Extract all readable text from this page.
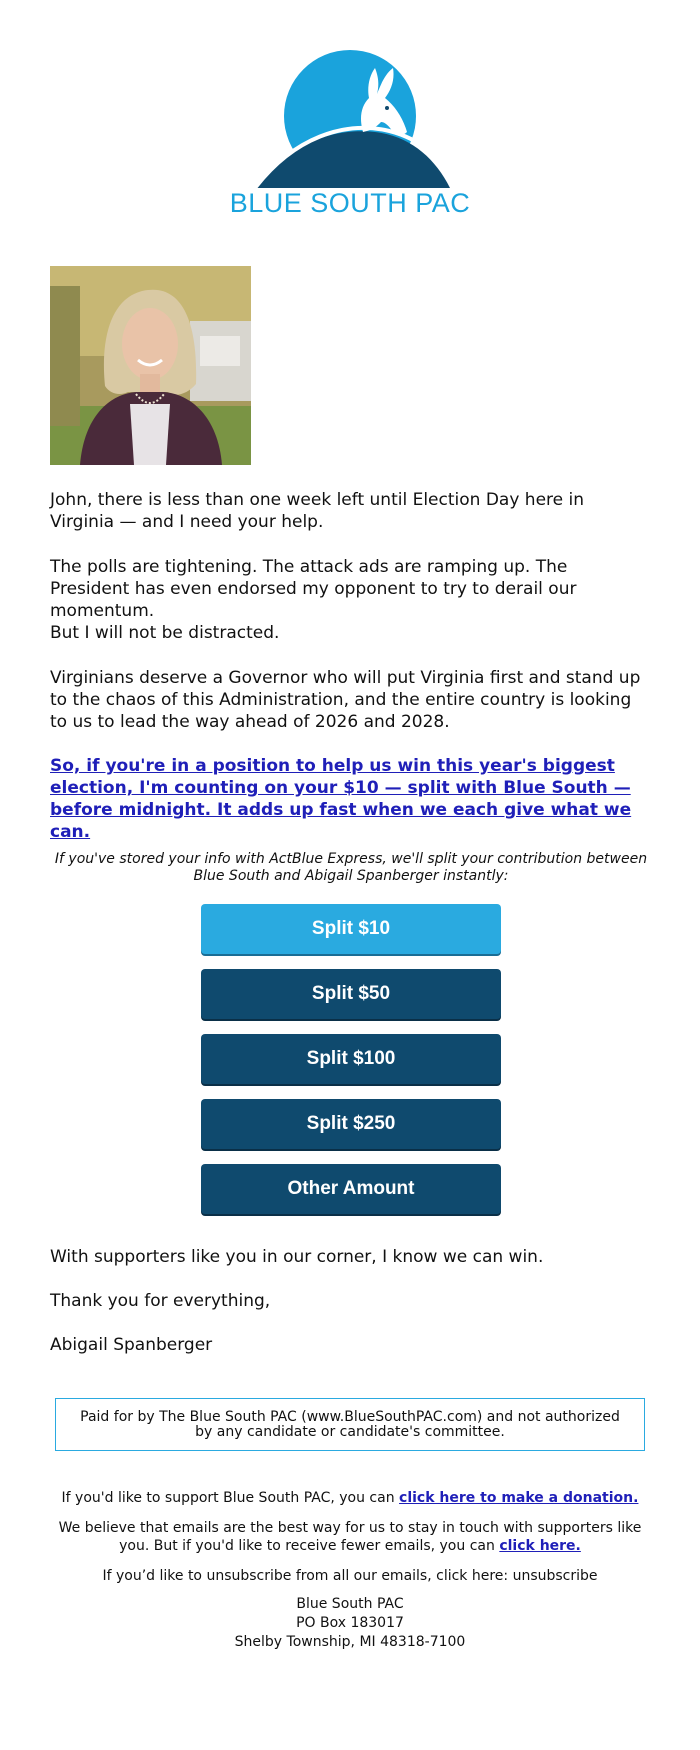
BLUE SOUTH PAC

John, there is less than one week left until Election Day here in Virginia — and I need your help.

The polls are tightening. The attack ads are ramping up. The President has even endorsed my opponent to try to derail our momentum.

But I will not be distracted.

Virginians deserve a Governor who will put Virginia first and stand up to the chaos of this Administration, and the entire country is looking to us to lead the way ahead of 2026 and 2028.

So, if you're in a position to help us win this year's biggest election, I'm counting on your $10 — split with Blue South — before midnight. It adds up fast when we each give what we can.

If you've stored your info with ActBlue Express, we'll split your contribution between Blue South and Abigail Spanberger instantly:

Split $10
Split $50
Split $100
Split $250
Other Amount

With supporters like you in our corner, I know we can win.

Thank you for everything,

Abigail Spanberger

Paid for by The Blue South PAC (www.BlueSouthPAC.com) and not authorized by any candidate or candidate's committee.

If you'd like to support Blue South PAC, you can click here to make a donation.

We believe that emails are the best way for us to stay in touch with supporters like you. But if you'd like to receive fewer emails, you can click here.

If you’d like to unsubscribe from all our emails, click here: unsubscribe

Blue South PAC
PO Box 183017
Shelby Township, MI 48318-7100
